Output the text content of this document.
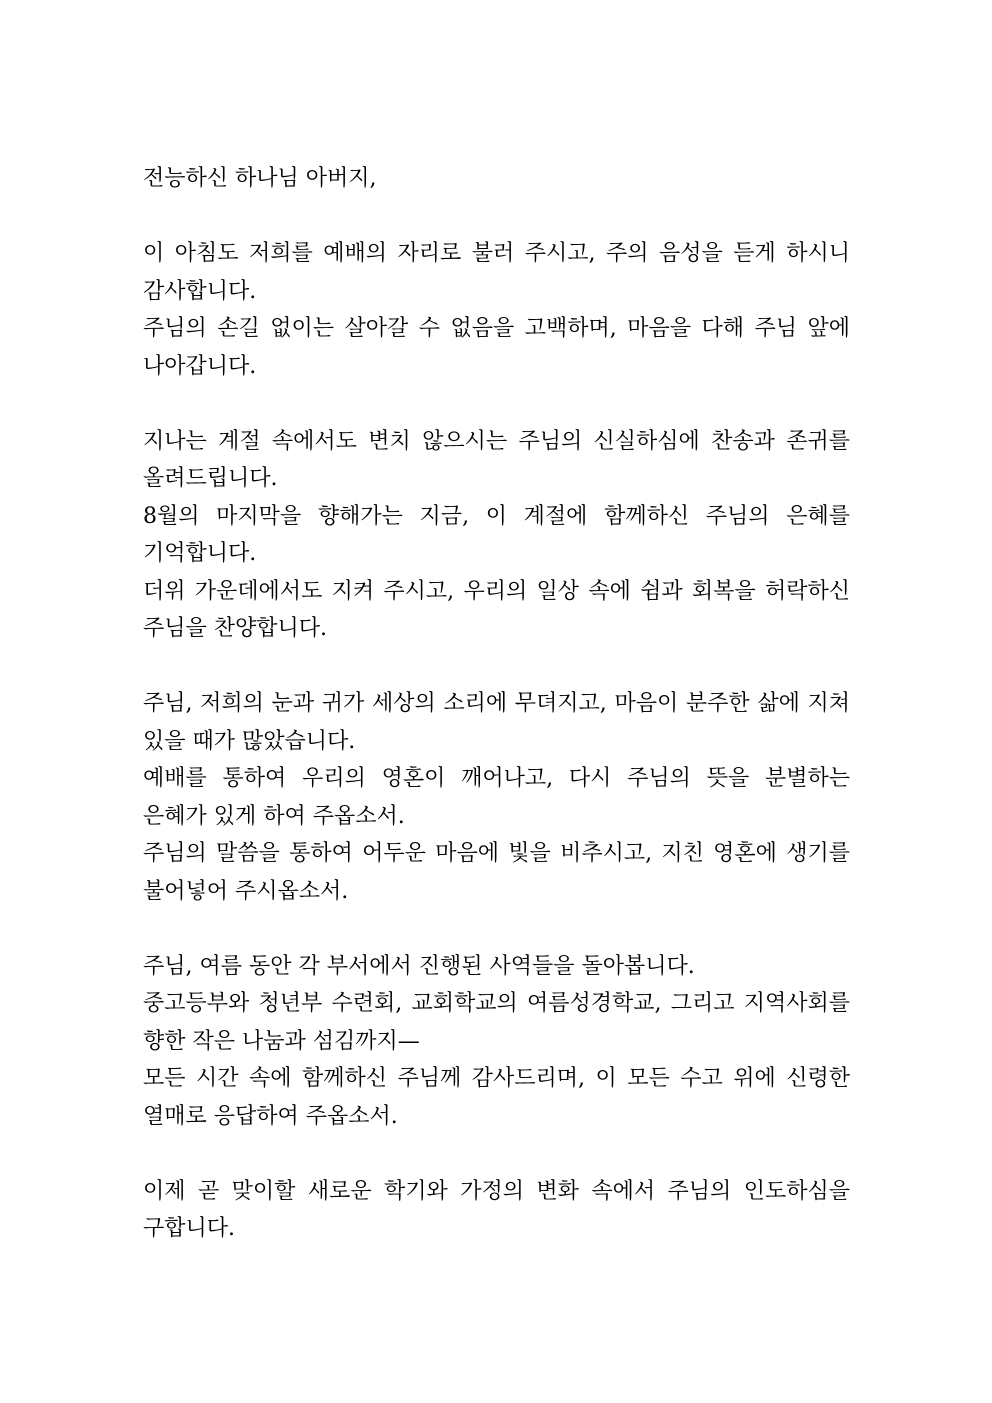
전능하신 하나님 아버지,

이 아침도 저희를 예배의 자리로 불러 주시고, 주의 음성을 듣게 하시니 감사합니다.

주님의 손길 없이는 살아갈 수 없음을 고백하며, 마음을 다해 주님 앞에 나아갑니다.

지나는 계절 속에서도 변치 않으시는 주님의 신실하심에 찬송과 존귀를 올려드립니다.

8월의 마지막을 향해가는 지금, 이 계절에 함께하신 주님의 은혜를 기억합니다.

더위 가운데에서도 지켜 주시고, 우리의 일상 속에 쉼과 회복을 허락하신 주님을 찬양합니다.

주님, 저희의 눈과 귀가 세상의 소리에 무뎌지고, 마음이 분주한 삶에 지쳐 있을 때가 많았습니다.

예배를 통하여 우리의 영혼이 깨어나고, 다시 주님의 뜻을 분별하는 은혜가 있게 하여 주옵소서.

주님의 말씀을 통하여 어두운 마음에 빛을 비추시고, 지친 영혼에 생기를 불어넣어 주시옵소서.

주님, 여름 동안 각 부서에서 진행된 사역들을 돌아봅니다.

중고등부와 청년부 수련회, 교회학교의 여름성경학교, 그리고 지역사회를 향한 작은 나눔과 섬김까지—

모든 시간 속에 함께하신 주님께 감사드리며, 이 모든 수고 위에 신령한 열매로 응답하여 주옵소서.

이제 곧 맞이할 새로운 학기와 가정의 변화 속에서 주님의 인도하심을 구합니다.
